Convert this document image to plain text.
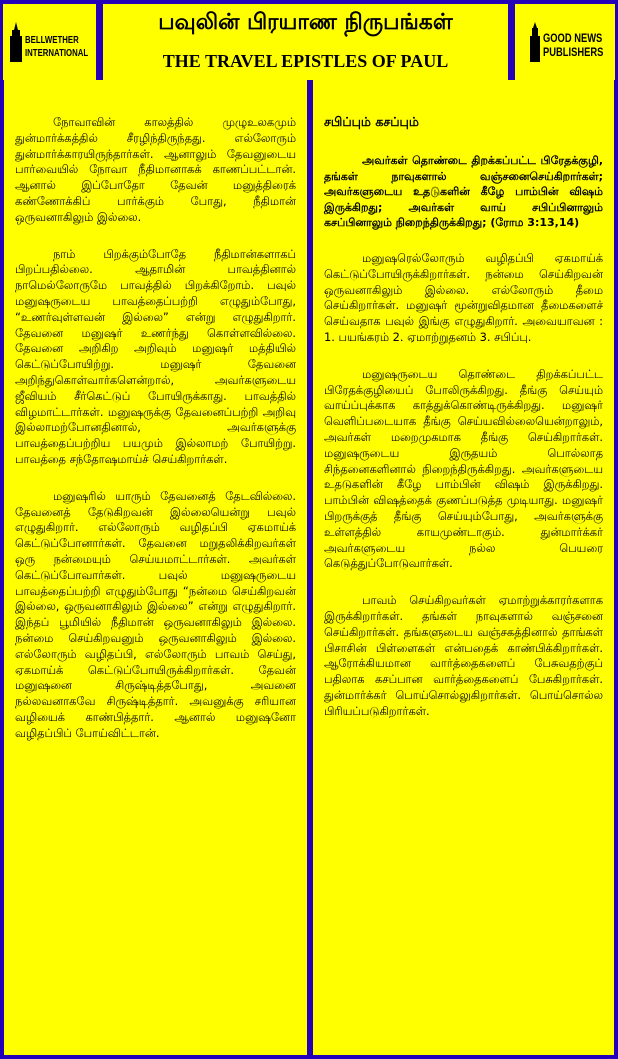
BELLWETHER
INTERNATIONAL
பவுலின் பிரயாண நிருபங்கள்
THE TRAVEL EPISTLES OF PAUL
GOOD NEWS
PUBLISHERS

நோவாவின் காலத்தில் முழுஉலகமும் துன்மார்க்கத்தில் சீரழிந்திருந்தது. எல்லோரும் துன்மார்க்காரயிருந்தார்கள். ஆனாலும் தேவனுடைய பார்வையில் நோவா நீதிமானாகக் காணப்பட்டான். ஆனால் இப்போதோ தேவன் மனுத்திரைக் கண்ணோக்கிப் பார்க்கும் போது, நீதிமான் ஒருவனாகிலும் இல்லை.

நாம் பிறக்கும்போதே நீதிமான்களாகப் பிறப்பதில்லை. ஆதாமின் பாவத்தினால் நாமெல்லோருமே பாவத்தில் பிறக்கிறோம். பவுல் மனுஷருடைய பாவத்தைப்பற்றி எழுதும்போது, “உணர்வுள்ளவன் இல்லை” என்று எழுதுகிறார். தேவனை மனுஷர் உணர்ந்து கொள்ளவில்லை. தேவனை அறிகிற அறிவும் மனுஷர் மத்தியில் கெட்டுப்போயிற்று. மனுஷர் தேவனை அறிந்துகொள்வார்களென்றால், அவர்களுடைய ஜீவியம் சீர்கெட்டுப் போயிருக்காது. பாவத்தில் விழமாட்டார்கள். மனுஷருக்கு தேவனைப்பற்றி அறிவு இல்லாமற்போனதினால், அவர்களுக்கு பாவத்தைப்பற்றிய பயமும் இல்லாமற் போயிற்று. பாவத்தை சந்தோஷமாய்ச் செய்கிறார்கள்.

மனுஷரில் யாரும் தேவனைத் தேடவில்லை. தேவனைத் தேடுகிறவன் இல்லையென்று பவுல் எழுதுகிறார். எல்லோரும் வழிதப்பி ஏகமாய்க் கெட்டுப்போனார்கள். தேவனை மறுதலிக்கிறவர்கள் ஒரு நன்மையும் செய்யமாட்டார்கள். அவர்கள் கெட்டுப்போவார்கள். பவுல் மனுஷருடைய பாவத்தைப்பற்றி எழுதும்போது “நன்மை செய்கிறவன் இல்லை, ஒருவனாகிலும் இல்லை” என்று எழுதுகிறார். இந்தப் பூமியில் நீதிமான் ஒருவனாகிலும் இல்லை. நன்மை செய்கிறவனும் ஒருவனாகிலும் இல்லை. எல்லோரும் வழிதப்பி, எல்லோரும் பாவம் செய்து, ஏகமாய்க் கெட்டுப்போயிருக்கிறார்கள். தேவன் மனுஷனை சிருஷ்டித்தபோது, அவனை நல்லவனாகவே சிருஷ்டித்தார். அவனுக்கு சரியான வழியைக் காண்பித்தார். ஆனால் மனுஷனோ வழிதப்பிப் போய்விட்டான்.

சபிப்பும் கசப்பும்
அவர்கள் தொண்டை திறக்கப்பட்ட பிரேதக்குழி, தங்கள் நாவுகளால் வஞ்சனைசெய்கிறார்கள்; அவர்களுடைய உதடுகளின் கீழே பாம்பின் விஷம் இருக்கிறது; அவர்கள் வாய் சபிப்பினாலும் கசப்பினாலும் நிறைந்திருக்கிறது; (ரோம 3:13,14)

மனுஷரெல்லோரும் வழிதப்பி ஏகமாய்க் கெட்டுப்போயிருக்கிறார்கள். நன்மை செய்கிறவன் ஒருவனாகிலும் இல்லை. எல்லோரும் தீமை செய்கிறார்கள். மனுஷர் மூன்றுவிதமான தீமைகளைச் செய்வதாக பவுல் இங்கு எழுதுகிறார். அவையாவன : 1. பயங்கரம் 2. ஏமாற்றுதனம் 3. சபிப்பு.

மனுஷருடைய தொண்டை திறக்கப்பட்ட பிரேதக்குழியைப் போலிருக்கிறது. தீங்கு செய்யும் வாய்ப்புக்காக காத்துக்கொண்டிருக்கிறது. மனுஷர் வெளிப்படையாக தீங்கு செய்யவில்லையென்றாலும், அவர்கள் மறைமுகமாக தீங்கு செய்கிறார்கள். மனுஷருடைய இருதயம் பொல்லாத சிந்தனைகளினால் நிறைந்திருக்கிறது. அவர்களுடைய உதடுகளின் கீழே பாம்பின் விஷம் இருக்கிறது. பாம்பின் விஷத்தைக் குணப்படுத்த முடியாது. மனுஷர் பிறருக்குத் தீங்கு செய்யும்போது, அவர்களுக்கு உள்ளத்தில் காயமுண்டாகும். துன்மார்க்கர் அவர்களுடைய நல்ல பெயரை கெடுத்துப்போடுவார்கள்.

பாவம் செய்கிறவர்கள் ஏமாற்றுக்காரர்களாக இருக்கிறார்கள். தங்கள் நாவுகளால் வஞ்சனை செய்கிறார்கள். தங்களுடைய வஞ்சகத்தினால் தாங்கள் பிசாசின் பிள்ளைகள் என்பதைக் காண்பிக்கிறார்கள். ஆரோக்கியமான வார்த்தைகளைப் பேசுவதற்குப் பதிலாக கசப்பான வார்த்தைகளைப் பேசுகிறார்கள். துன்மார்க்கர் பொய்சொல்லுகிறார்கள். பொய்சொல்ல பிரியப்படுகிறார்கள்.
